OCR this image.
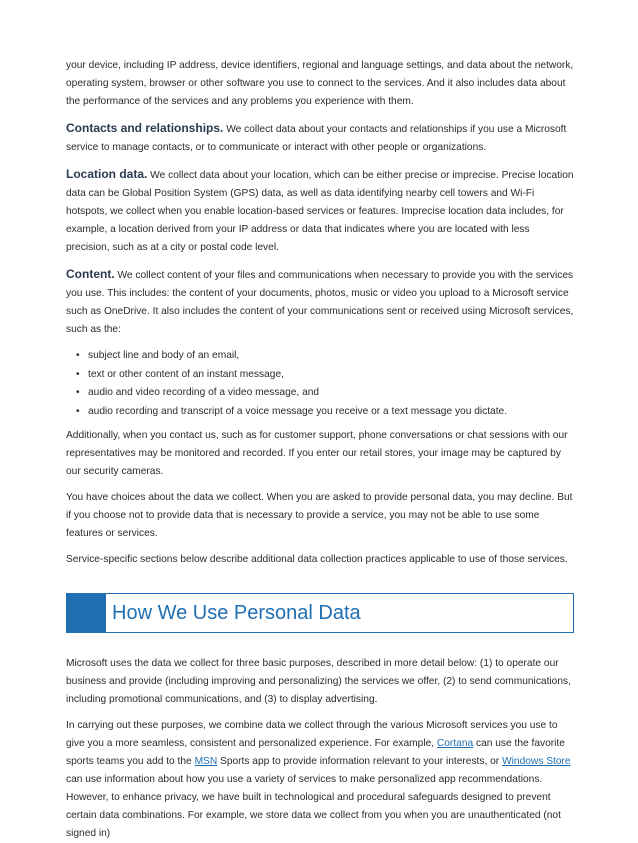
your device, including IP address, device identifiers, regional and language settings, and data about the network, operating system, browser or other software you use to connect to the services. And it also includes data about the performance of the services and any problems you experience with them.

Contacts and relationships. We collect data about your contacts and relationships if you use a Microsoft service to manage contacts, or to communicate or interact with other people or organizations.

Location data. We collect data about your location, which can be either precise or imprecise. Precise location data can be Global Position System (GPS) data, as well as data identifying nearby cell towers and Wi-Fi hotspots, we collect when you enable location-based services or features. Imprecise location data includes, for example, a location derived from your IP address or data that indicates where you are located with less precision, such as at a city or postal code level.

Content. We collect content of your files and communications when necessary to provide you with the services you use. This includes: the content of your documents, photos, music or video you upload to a Microsoft service such as OneDrive. It also includes the content of your communications sent or received using Microsoft services, such as the:

• subject line and body of an email,
• text or other content of an instant message,
• audio and video recording of a video message, and
• audio recording and transcript of a voice message you receive or a text message you dictate.

Additionally, when you contact us, such as for customer support, phone conversations or chat sessions with our representatives may be monitored and recorded. If you enter our retail stores, your image may be captured by our security cameras.

You have choices about the data we collect. When you are asked to provide personal data, you may decline. But if you choose not to provide data that is necessary to provide a service, you may not be able to use some features or services.

Service-specific sections below describe additional data collection practices applicable to use of those services.

How We Use Personal Data

Microsoft uses the data we collect for three basic purposes, described in more detail below: (1) to operate our business and provide (including improving and personalizing) the services we offer, (2) to send communications, including promotional communications, and (3) to display advertising.

In carrying out these purposes, we combine data we collect through the various Microsoft services you use to give you a more seamless, consistent and personalized experience. For example, Cortana can use the favorite sports teams you add to the MSN Sports app to provide information relevant to your interests, or Windows Store can use information about how you use a variety of services to make personalized app recommendations. However, to enhance privacy, we have built in technological and procedural safeguards designed to prevent certain data combinations. For example, we store data we collect from you when you are unauthenticated (not signed in)
